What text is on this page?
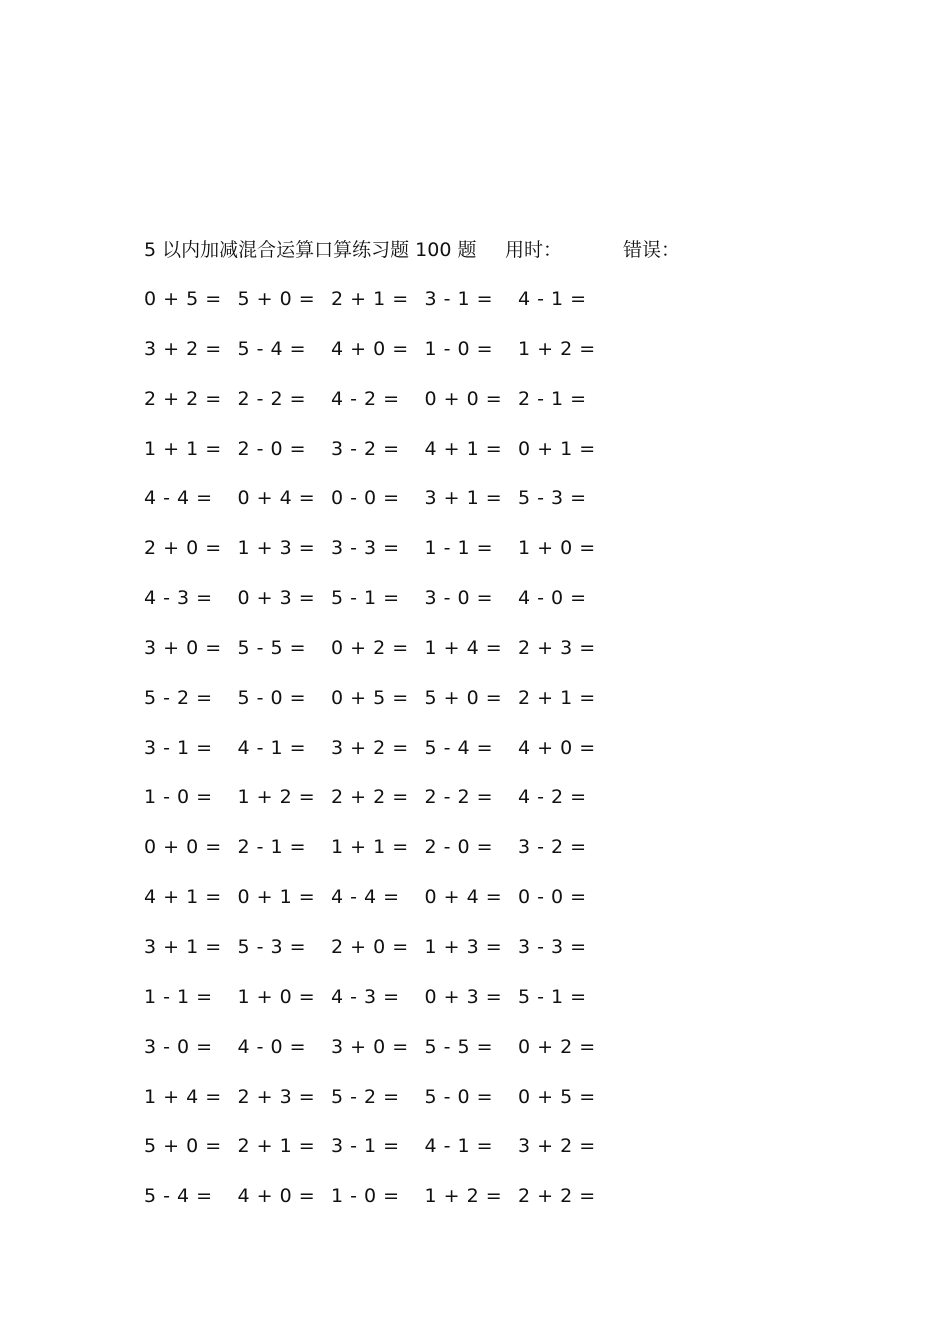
5 以内加减混合运算口算练习题 100 题 用时：	错误：
0 + 5 = 5 + 0 = 2 + 1 = 3 - 1 = 4 - 1 =
3 + 2 = 5 - 4 = 4 + 0 = 1 - 0 = 1 + 2 =
2 + 2 = 2 - 2 = 4 - 2 = 0 + 0 = 2 - 1 =
1 + 1 = 2 - 0 = 3 - 2 = 4 + 1 = 0 + 1 =
4 - 4 = 0 + 4 = 0 - 0 = 3 + 1 = 5 - 3 =
2 + 0 = 1 + 3 = 3 - 3 = 1 - 1 = 1 + 0 =
4 - 3 = 0 + 3 = 5 - 1 = 3 - 0 = 4 - 0 =
3 + 0 = 5 - 5 = 0 + 2 = 1 + 4 = 2 + 3 =
5 - 2 = 5 - 0 = 0 + 5 = 5 + 0 = 2 + 1 =
3 - 1 = 4 - 1 = 3 + 2 = 5 - 4 = 4 + 0 =
1 - 0 = 1 + 2 = 2 + 2 = 2 - 2 = 4 - 2 =
0 + 0 = 2 - 1 = 1 + 1 = 2 - 0 = 3 - 2 =
4 + 1 = 0 + 1 = 4 - 4 = 0 + 4 = 0 - 0 =
3 + 1 = 5 - 3 = 2 + 0 = 1 + 3 = 3 - 3 =
1 - 1 = 1 + 0 = 4 - 3 = 0 + 3 = 5 - 1 =
3 - 0 = 4 - 0 = 3 + 0 = 5 - 5 = 0 + 2 =
1 + 4 = 2 + 3 = 5 - 2 = 5 - 0 = 0 + 5 =
5 + 0 = 2 + 1 = 3 - 1 = 4 - 1 = 3 + 2 =
5 - 4 = 4 + 0 = 1 - 0 = 1 + 2 = 2 + 2 =
